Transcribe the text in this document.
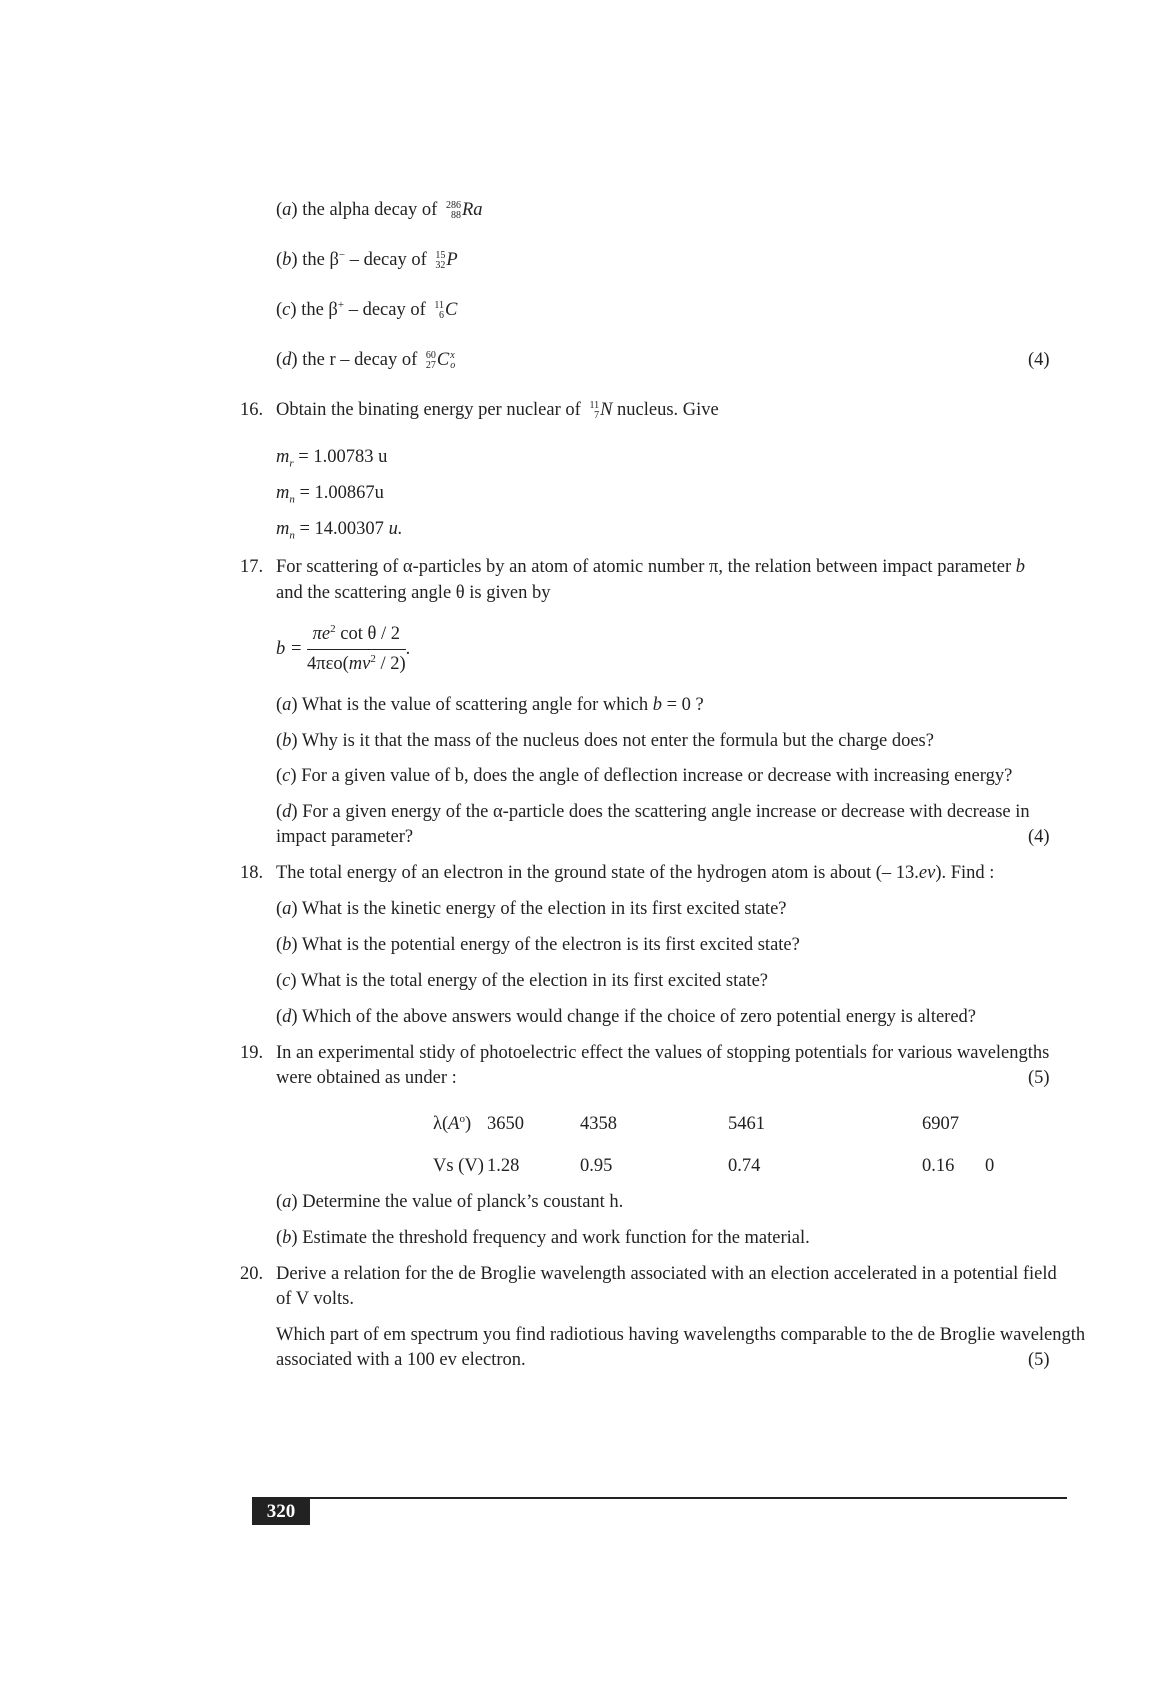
(a) the alpha decay of 286
88 Ra
(b) the β− – decay of 15
32 P
(c) the β+ – decay of 11
6 C
(d) the r – decay of 60
27 C x
o	(4)
16. Obtain the binating energy per nuclear of 11
7 N nucleus. Give
$m_r = 1.00783$ u
$m_n = 1.00867u$
$m_n = 14.00307$ u.
17. For scattering of α-particles by an atom of atomic number π, the relation between impact parameter b
and the scattering angle θ is given by
$b = \frac{\pi e^2 \cot \theta / 2}{4\pi\varepsilon o(mv^2 / 2)}$ .
(a) What is the value of scattering angle for which b = 0 ?
(b) Why is it that the mass of the nucleus does not enter the formula but the charge does?
(c) For a given value of b, does the angle of deflection increase or decrease with increasing energy?
(d) For a given energy of the α-particle does the scattering angle increase or decrease with decrease in
impact parameter?	(4)
18. The total energy of an electron in the ground state of the hydrogen atom is about (– 13.ev). Find :
(a) What is the kinetic energy of the election in its first excited state?
(b) What is the potential energy of the electron is its first excited state?
(c) What is the total energy of the election in its first excited state?
(d) Which of the above answers would change if the choice of zero potential energy is altered?
19. In an experimental stidy of photoelectric effect the values of stopping potentials for various wavelengths
were obtained as under :	(5)
$\lambda(A^o)$ 3650	4358	5461	6907
Vs (V) 1.28	0.95	0.74	0.16 0
(a) Determine the value of planck’s coustant h.
(b) Estimate the threshold frequency and work function for the material.
20. Derive a relation for the de Broglie wavelength associated with an election accelerated in a potential field
of V volts.
Which part of em spectrum you find radiotious having wavelengths comparable to the de Broglie wavelength
associated with a 100 ev electron.	(5)
320
